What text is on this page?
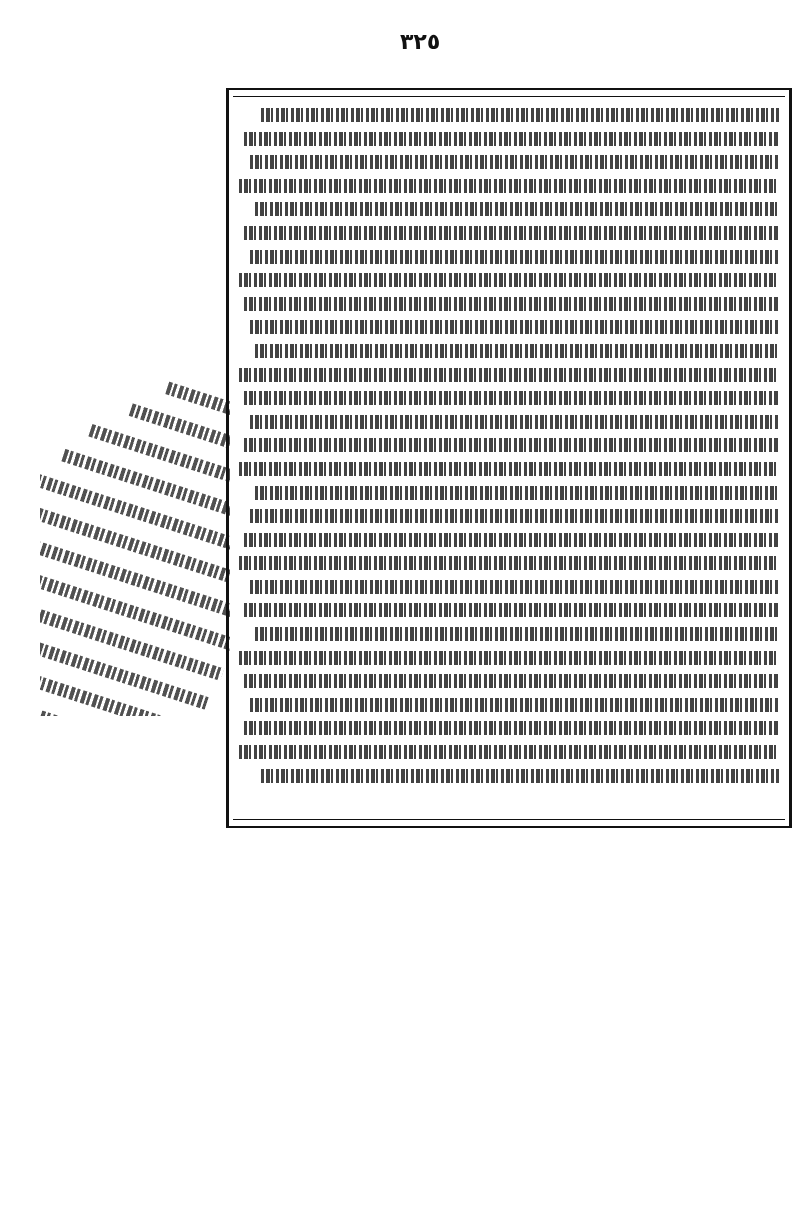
٣٢٥
